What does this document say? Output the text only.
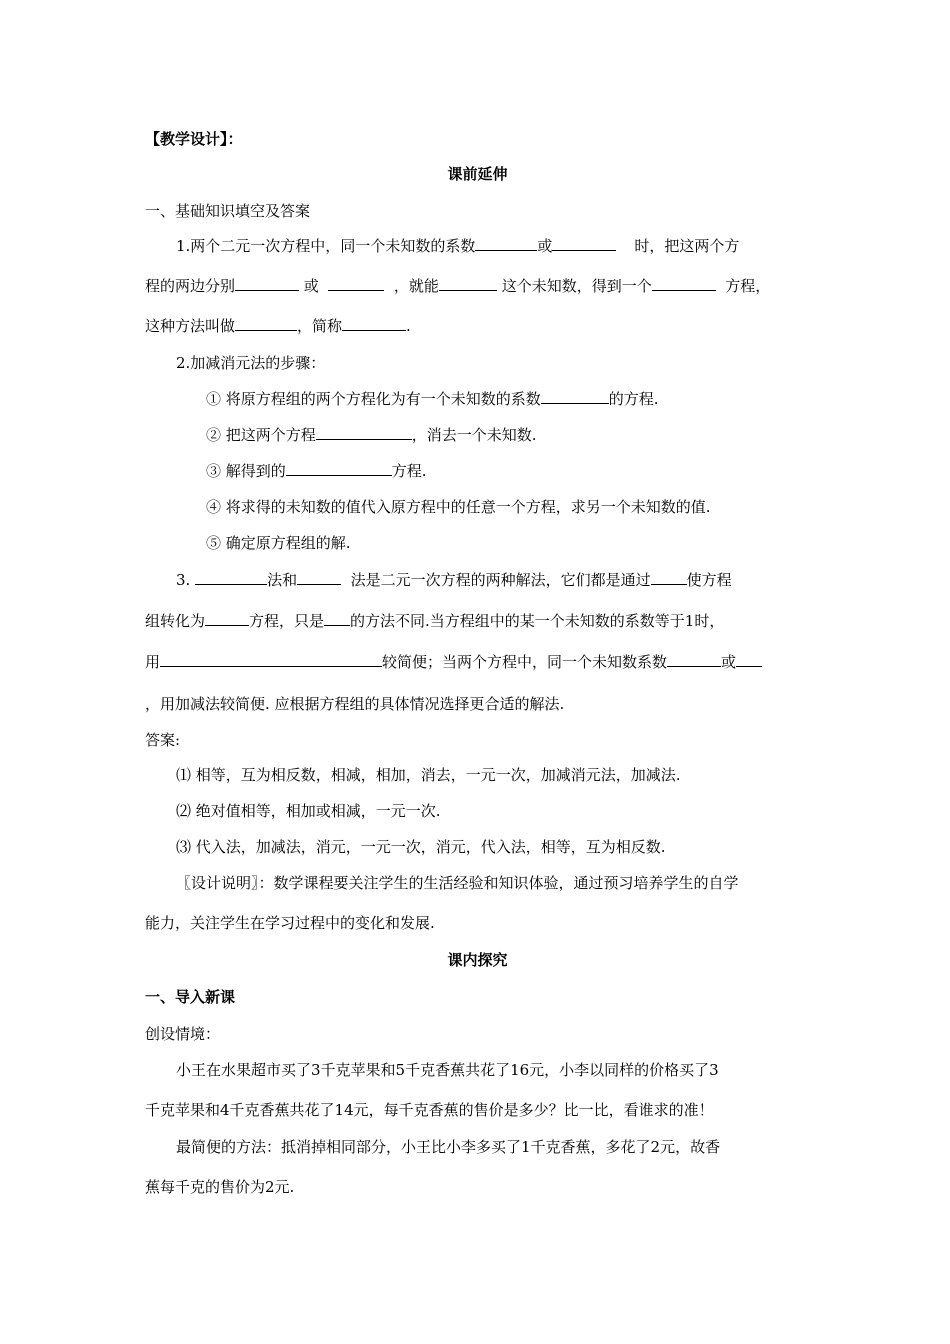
【教学设计】：
课前延伸
一、基础知识填空及答案
1.两个二元一次方程中，同一个未知数的系数	或	时，把这两个方
程的两边分别	或	，就能	这个未知数，得到一个	方程，
这种方法叫做	，简称	.
2.加减消元法的步骤：
① 将原方程组的两个方程化为有一个未知数的系数	的方程.
② 把这两个方程	，消去一个未知数.
③ 解得到的	方程.
④ 将求得的未知数的值代入原方程中的任意一个方程，求另一个未知数的值.
⑤ 确定原方程组的解.
3.	法和	法是二元一次方程的两种解法，它们都是通过 使方程
组转化为	方程，只是 的方法不同.当方程组中的某一个未知数的系数等于1时，
用	较简便；当两个方程中，同一个未知数系数	或
，用加减法较简便. 应根据方程组的具体情况选择更合适的解法.
答案:
⑴ 相等，互为相反数，相减，相加，消去，一元一次，加减消元法，加减法.
⑵ 绝对值相等，相加或相减，一元一次.
⑶ 代入法，加减法，消元，一元一次，消元，代入法，相等，互为相反数.
〖设计说明〗：数学课程要关注学生的生活经验和知识体验，通过预习培养学生的自学
能力，关注学生在学习过程中的变化和发展.
课内探究
一、导入新课
创设情境：
小王在水果超市买了3千克苹果和5千克香蕉共花了16元，小李以同样的价格买了3
千克苹果和4千克香蕉共花了14元，每千克香蕉的售价是多少？比一比，看谁求的准！
最简便的方法：抵消掉相同部分，小王比小李多买了1千克香蕉，多花了2元，故香
蕉每千克的售价为2元.
